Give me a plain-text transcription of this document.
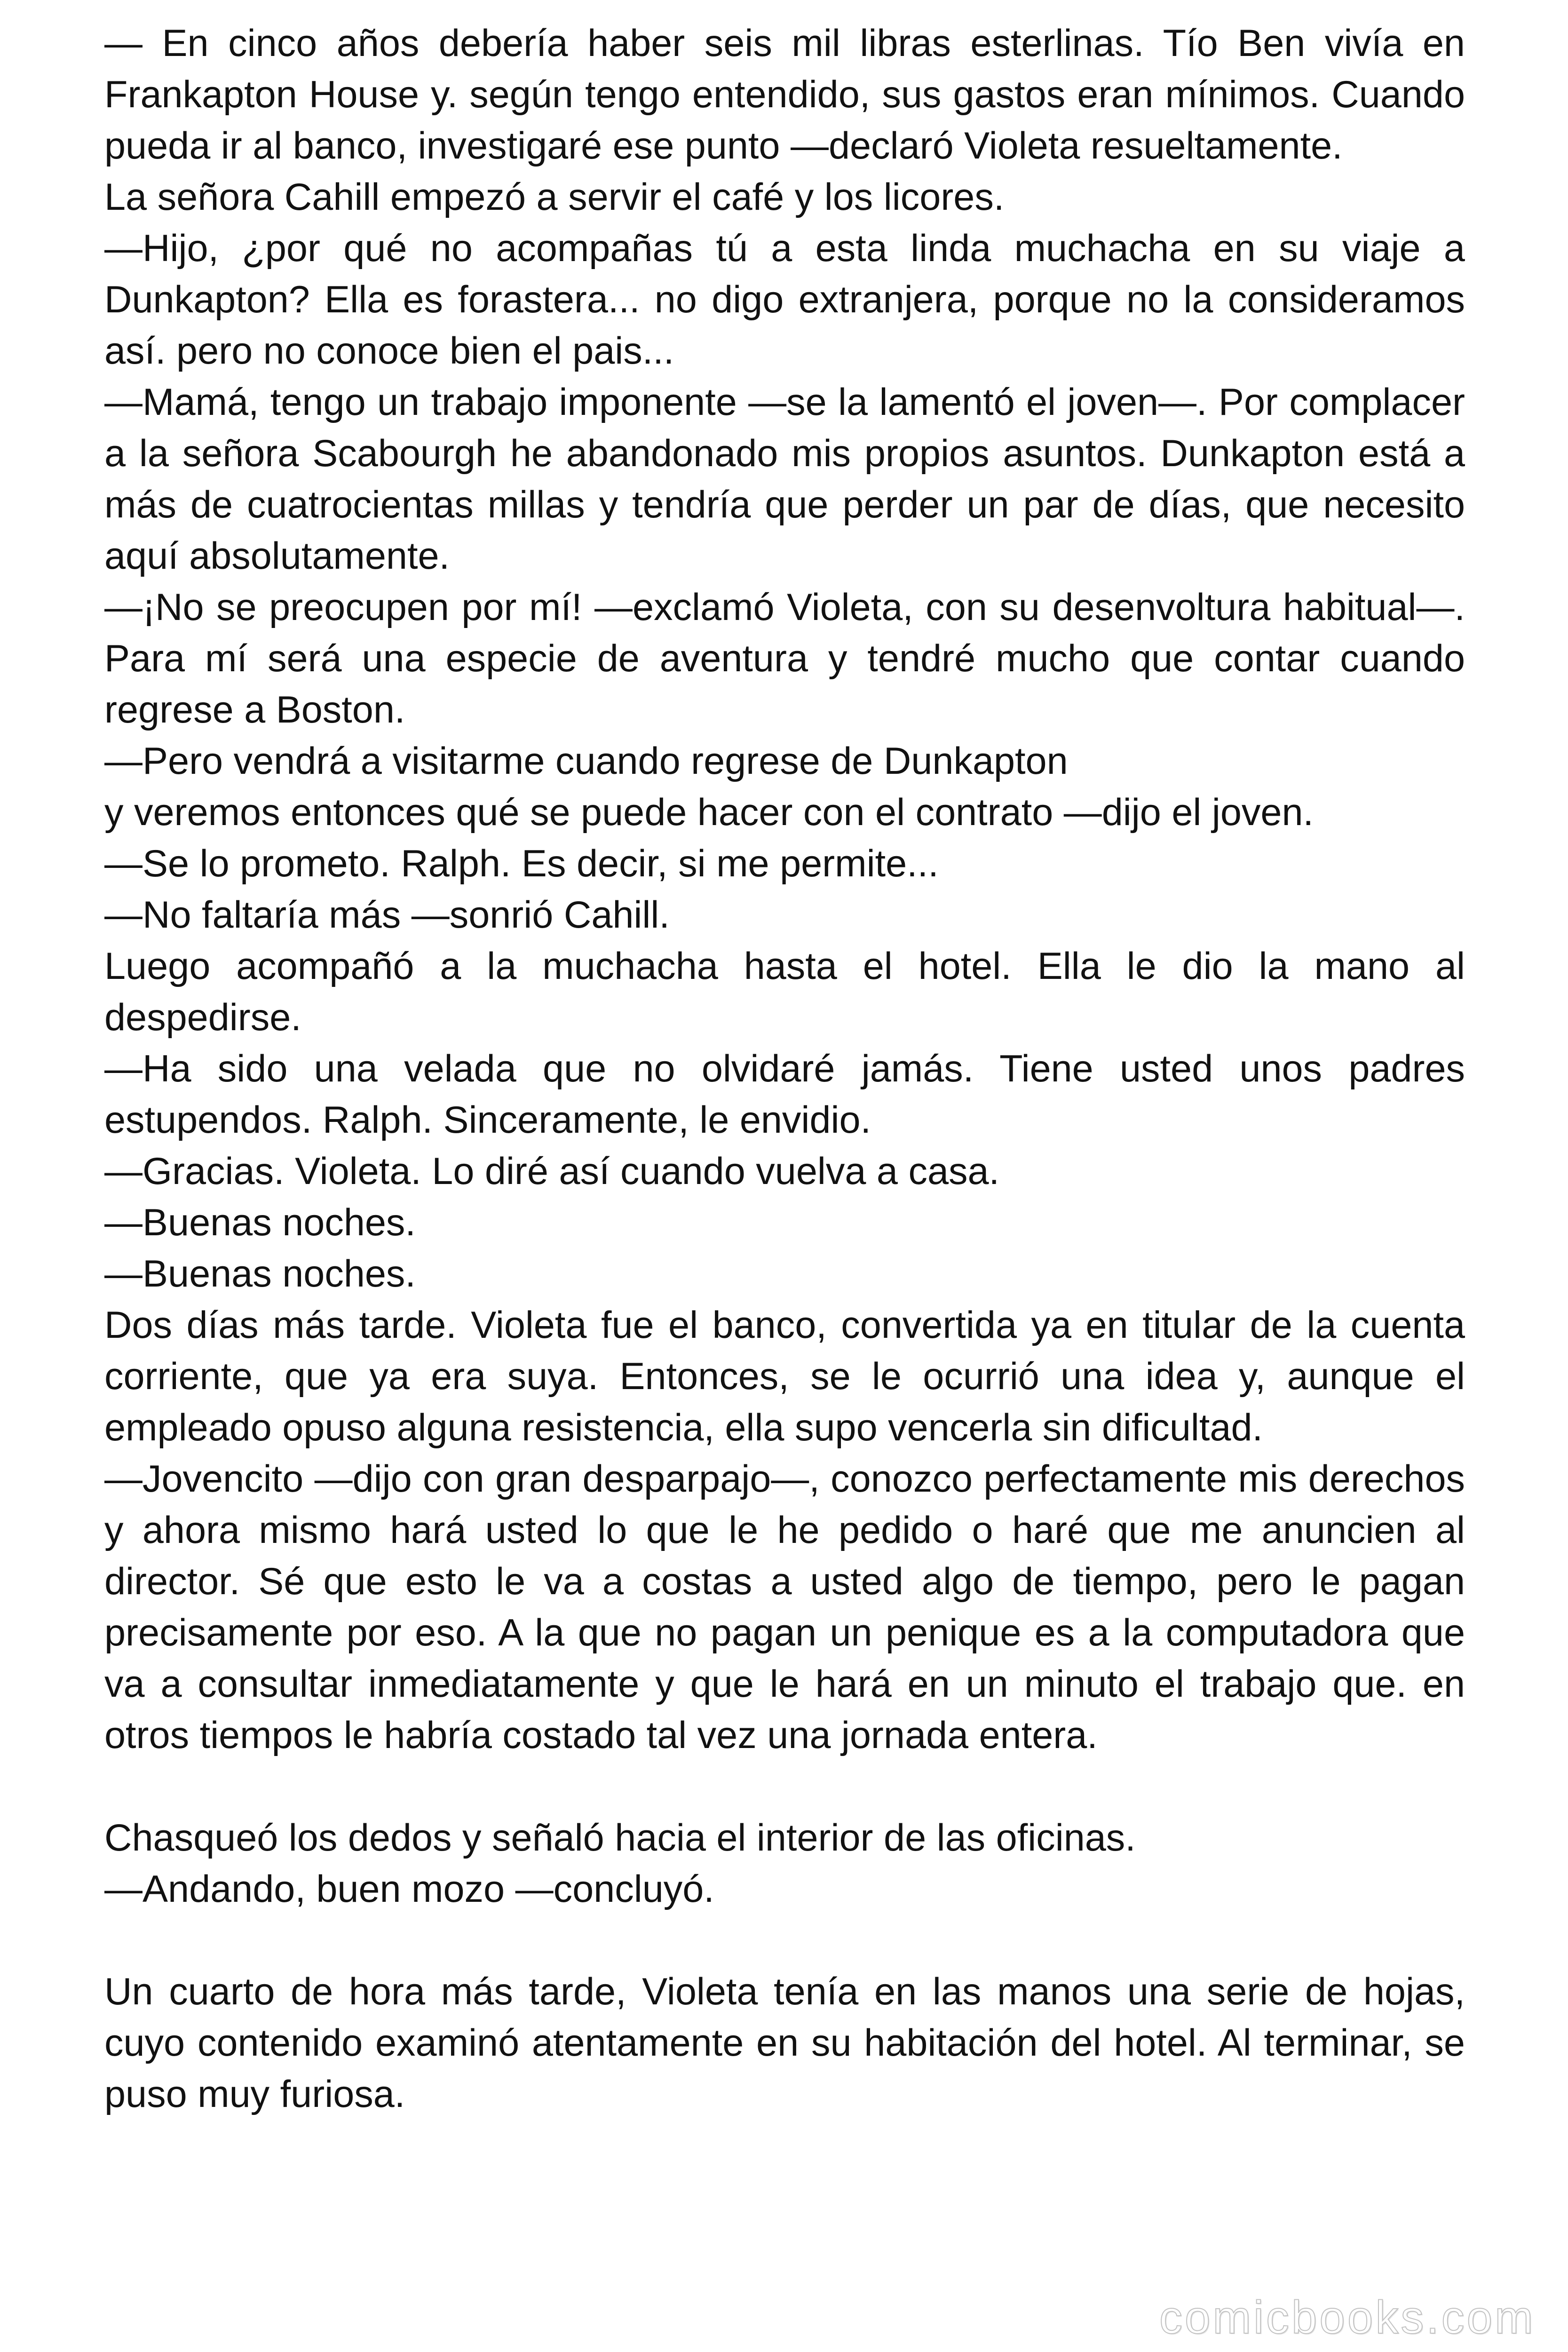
— En cinco años debería haber seis mil libras esterlinas. Tío Ben vivía en Frankapton House y. según tengo entendido, sus gastos eran mínimos. Cuando pueda ir al banco, investigaré ese punto —declaró Violeta resueltamente.

La señora Cahill empezó a servir el café y los licores.

—Hijo, ¿por qué no acompañas tú a esta linda muchacha en su viaje a Dunkapton? Ella es forastera... no digo extranjera, porque no la consideramos así. pero no conoce bien el pais...

—Mamá, tengo un trabajo imponente —se la lamentó el joven—. Por complacer a la señora Scabourgh he abandonado mis propios asuntos. Dunkapton está a más de cuatrocientas millas y tendría que perder un par de días, que necesito aquí absolutamente.

—¡No se preocupen por mí! —exclamó Violeta, con su desenvoltura habitual—. Para mí será una especie de aventura y tendré mucho que contar cuando regrese a Boston.

—Pero vendrá a visitarme cuando regrese de Dunkapton

y veremos entonces qué se puede hacer con el contrato —dijo el joven.

—Se lo prometo. Ralph. Es decir, si me permite...

—No faltaría más —sonrió Cahill.

Luego acompañó a la muchacha hasta el hotel. Ella le dio la mano al despedirse.

—Ha sido una velada que no olvidaré jamás. Tiene usted unos padres estupendos. Ralph. Sinceramente, le envidio.

—Gracias. Violeta. Lo diré así cuando vuelva a casa.

—Buenas noches.

—Buenas noches.

Dos días más tarde. Violeta fue el banco, convertida ya en titular de la cuenta corriente, que ya era suya. Entonces, se le ocurrió una idea y, aunque el empleado opuso alguna resistencia, ella supo vencerla sin dificultad.

—Jovencito —dijo con gran desparpajo—, conozco perfectamente mis derechos y ahora mismo hará usted lo que le he pedido o haré que me anuncien al director. Sé que esto le va a costas a usted algo de tiempo, pero le pagan precisamente por eso. A la que no pagan un penique es a la computadora que va a consultar inmediatamente y que le hará en un minuto el trabajo que. en otros tiempos le habría costado tal vez una jornada entera.

Chasqueó los dedos y señaló hacia el interior de las oficinas.

—Andando, buen mozo —concluyó.

Un cuarto de hora más tarde, Violeta tenía en las manos una serie de hojas, cuyo contenido examinó atentamente en su habitación del hotel. Al terminar, se puso muy furiosa.

comicbooks.com
